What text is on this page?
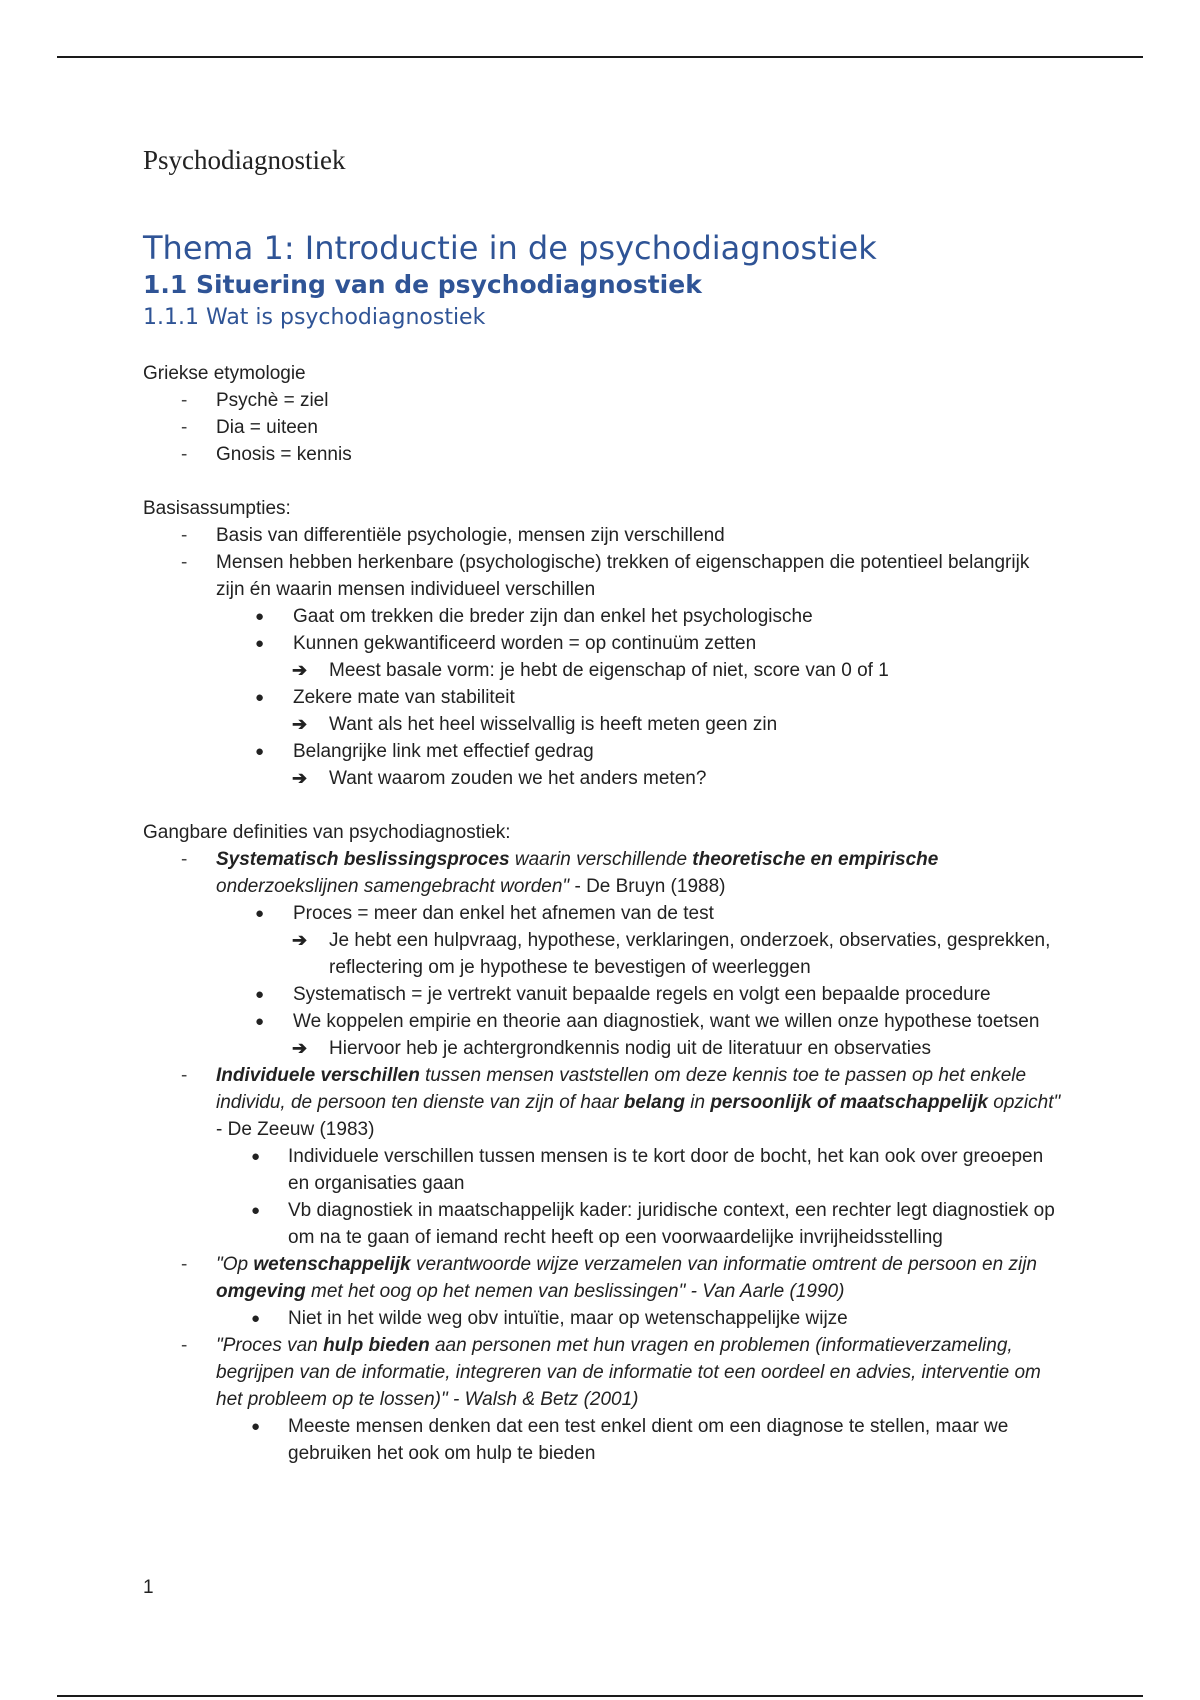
Psychodiagnostiek
Thema 1: Introductie in de psychodiagnostiek
1.1 Situering van de psychodiagnostiek
1.1.1 Wat is psychodiagnostiek

Griekse etymologie

- Psychè = ziel
- Dia = uiteen
- Gnosis = kennis

Basisassumpties:

- Basis van differentiële psychologie, mensen zijn verschillend
- Mensen hebben herkenbare (psychologische) trekken of eigenschappen die potentieel belangrijk zijn én waarin mensen individueel verschillen
● Gaat om trekken die breder zijn dan enkel het psychologische
● Kunnen gekwantificeerd worden = op continuüm zetten
➔ Meest basale vorm: je hebt de eigenschap of niet, score van 0 of 1
● Zekere mate van stabiliteit
➔ Want als het heel wisselvallig is heeft meten geen zin
● Belangrijke link met effectief gedrag
➔ Want waarom zouden we het anders meten?

Gangbare definities van psychodiagnostiek:

- Systematisch beslissingsproces waarin verschillende theoretische en empirische onderzoekslijnen samengebracht worden" - De Bruyn (1988)
● Proces = meer dan enkel het afnemen van de test
➔ Je hebt een hulpvraag, hypothese, verklaringen, onderzoek, observaties, gesprekken, reflectering om je hypothese te bevestigen of weerleggen
● Systematisch = je vertrekt vanuit bepaalde regels en volgt een bepaalde procedure
● We koppelen empirie en theorie aan diagnostiek, want we willen onze hypothese toetsen
➔ Hiervoor heb je achtergrondkennis nodig uit de literatuur en observaties
- Individuele verschillen tussen mensen vaststellen om deze kennis toe te passen op het enkele individu, de persoon ten dienste van zijn of haar belang in persoonlijk of maatschappelijk opzicht" - De Zeeuw (1983)
● Individuele verschillen tussen mensen is te kort door de bocht, het kan ook over greoepen en organisaties gaan
● Vb diagnostiek in maatschappelijk kader: juridische context, een rechter legt diagnostiek op om na te gaan of iemand recht heeft op een voorwaardelijke invrijheidsstelling
- "Op wetenschappelijk verantwoorde wijze verzamelen van informatie omtrent de persoon en zijn omgeving met het oog op het nemen van beslissingen" - Van Aarle (1990)
● Niet in het wilde weg obv intuïtie, maar op wetenschappelijke wijze
- "Proces van hulp bieden aan personen met hun vragen en problemen (informatieverzameling, begrijpen van de informatie, integreren van de informatie tot een oordeel en advies, interventie om het probleem op te lossen)" - Walsh & Betz (2001)
● Meeste mensen denken dat een test enkel dient om een diagnose te stellen, maar we gebruiken het ook om hulp te bieden
1
